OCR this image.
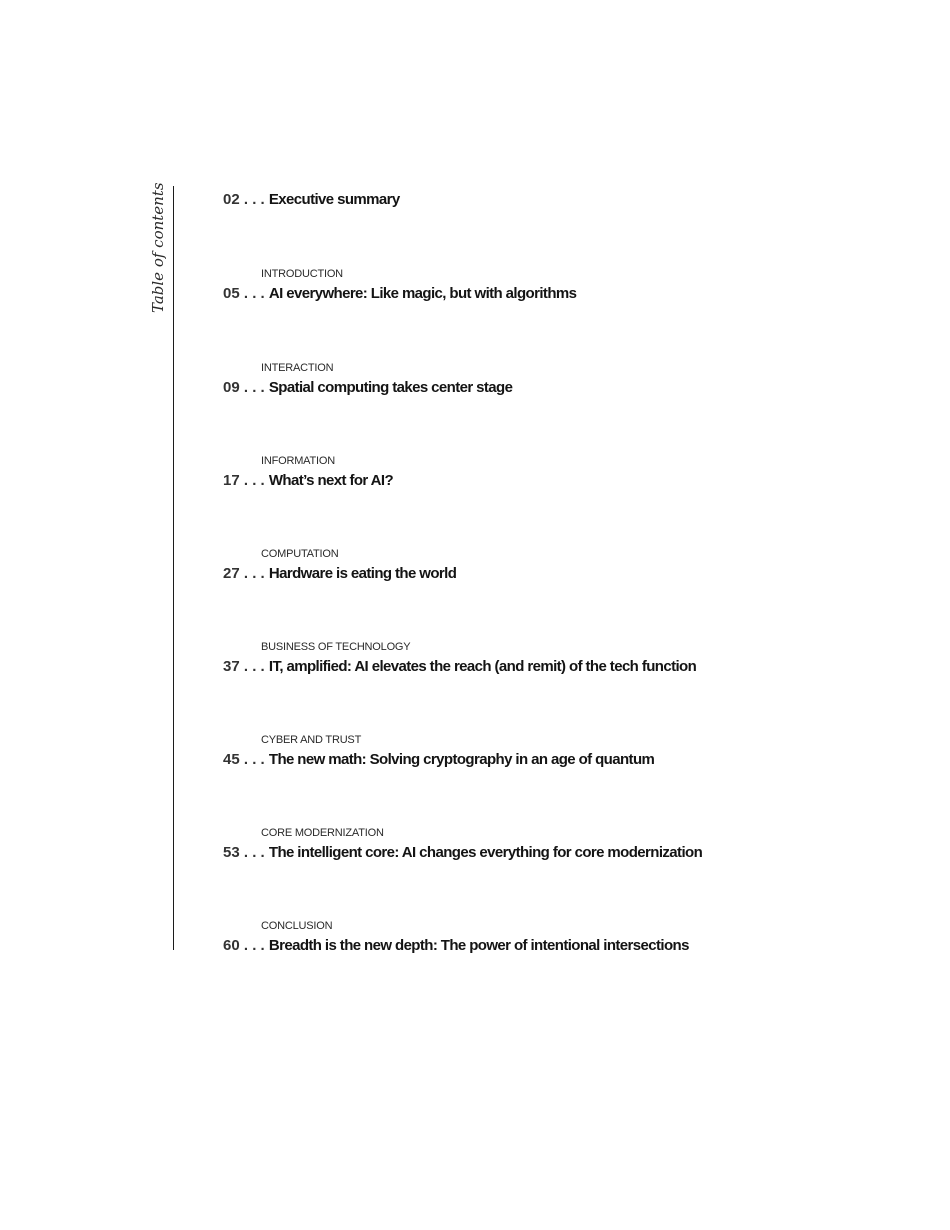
Table of contents	02 . . . Executive summary
INTRODUCTION
05 . . . AI everywhere: Like magic, but with algorithms
INTERACTION
09 . . . Spatial computing takes center stage
INFORMATION
17 . . . What’s next for AI?
COMPUTATION
27 . . . Hardware is eating the world
BUSINESS OF TECHNOLOGY
37 . . . IT, amplified: AI elevates the reach (and remit) of the tech function
CYBER AND TRUST
45 . . . The new math: Solving cryptography in an age of quantum
CORE MODERNIZATION
53 . . . The intelligent core: AI changes everything for core modernization
CONCLUSION
60 . . . Breadth is the new depth: The power of intentional intersections
